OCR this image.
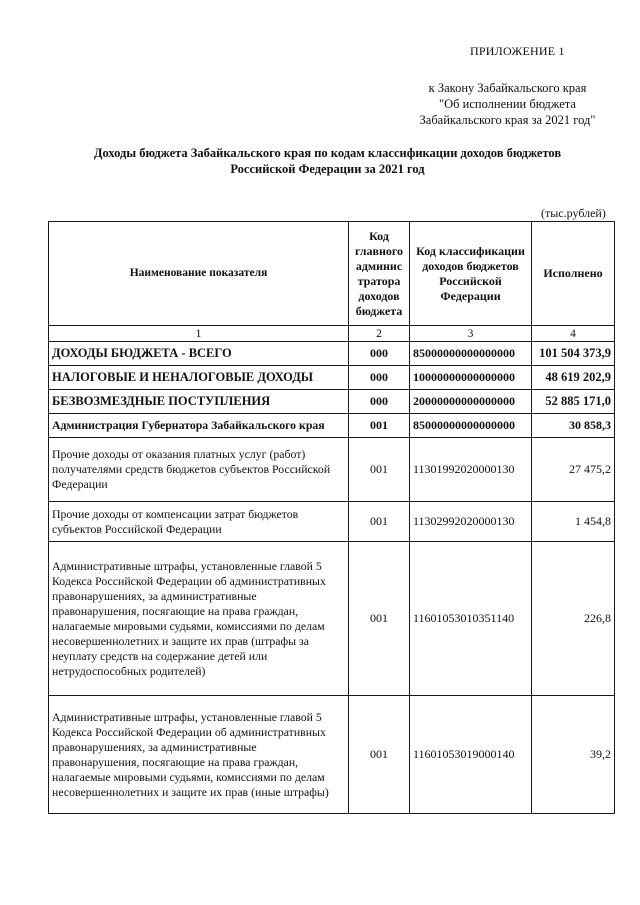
ПРИЛОЖЕНИЕ 1
к Закону Забайкальского края
"Об исполнении бюджета
Забайкальского края за 2021 год"
Доходы бюджета Забайкальского края по кодам классификации доходов бюджетов
Российской Федерации за 2021 год
(тыс.рублей)
Наименование показателя	Код главного админис тратора доходов бюджета	Код классификации доходов бюджетов Российской Федерации	Исполнено
1	2	3	4
ДОХОДЫ БЮДЖЕТА - ВСЕГО	000	85000000000000000	101 504 373,9
НАЛОГОВЫЕ И НЕНАЛОГОВЫЕ ДОХОДЫ	000	10000000000000000	48 619 202,9
БЕЗВОЗМЕЗДНЫЕ ПОСТУПЛЕНИЯ	000	20000000000000000	52 885 171,0
Администрация Губернатора Забайкальского края	001	85000000000000000	30 858,3
Прочие доходы от оказания платных услуг (работ) получателями средств бюджетов субъектов Российской Федерации	001	11301992020000130	27 475,2
Прочие доходы от компенсации затрат бюджетов субъектов Российской Федерации	001	11302992020000130	1 454,8
Административные штрафы, установленные главой 5 Кодекса Российской Федерации об административных правонарушениях, за административные правонарушения, посягающие на права граждан, налагаемые мировыми судьями, комиссиями по делам несовершеннолетних и защите их прав (штрафы за неуплату средств на содержание детей или нетрудоспособных родителей)	001	11601053010351140	226,8
Административные штрафы, установленные главой 5 Кодекса Российской Федерации об административных правонарушениях, за административные правонарушения, посягающие на права граждан, налагаемые мировыми судьями, комиссиями по делам несовершеннолетних и защите их прав (иные штрафы)	001	11601053019000140	39,2
